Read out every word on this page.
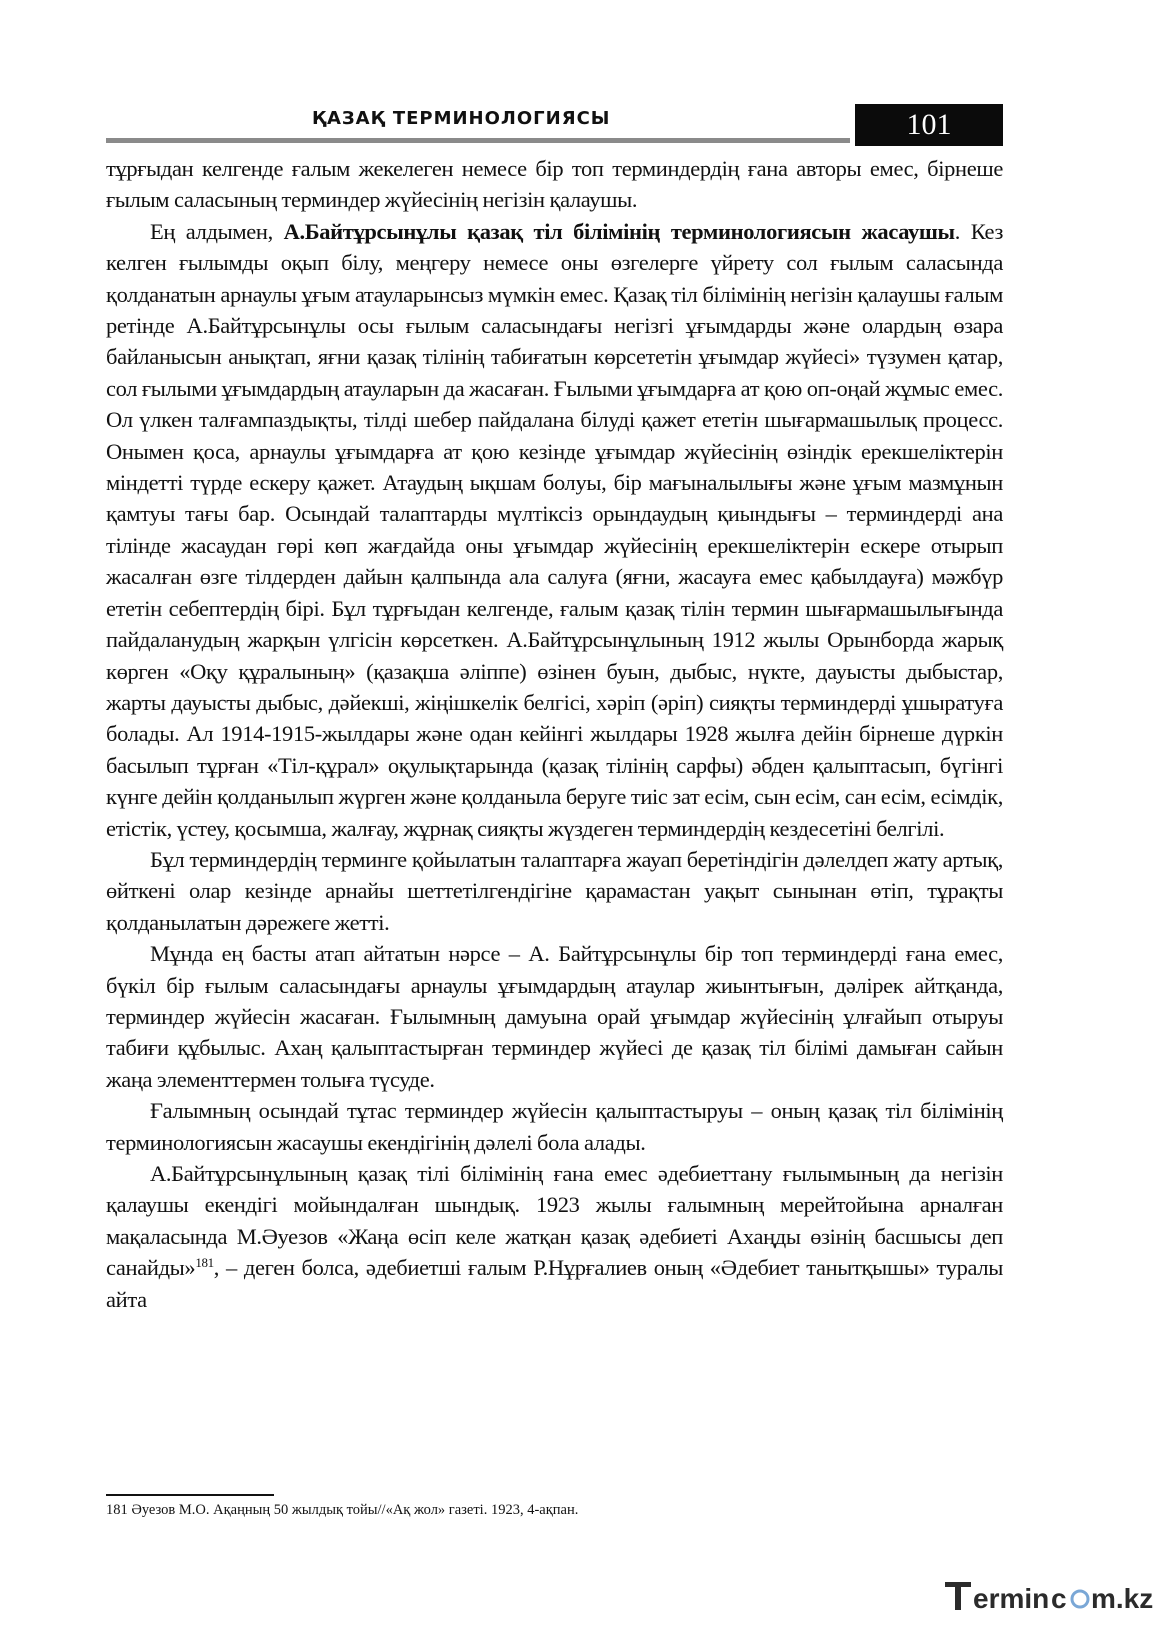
ҚАЗАҚ ТЕРМИНОЛОГИЯСЫ	101

тұрғыдан келгенде ғалым жекелеген немесе бір топ терминдердің ғана авторы емес, бірнеше ғылым саласының терминдер жүйесінің негізін қалаушы.

Ең алдымен, А.Байтұрсынұлы қазақ тіл білімінің терминологиясын жасаушы. Кез келген ғылымды оқып білу, меңгеру немесе оны өзгелерге үйрету сол ғылым саласында қолданатын арнаулы ұғым атауларынсыз мүмкін емес. Қазақ тіл білімінің негізін қалаушы ғалым ретінде А.Байтұрсынұлы осы ғылым саласындағы негізгі ұғымдарды және олардың өзара байланысын анықтап, яғни қазақ тілінің табиғатын көрсететін ұғымдар жүйесі» түзумен қатар, сол ғылыми ұғымдардың атауларын да жасаған. Ғылыми ұғымдарға ат қою оп-оңай жұмыс емес. Ол үлкен талғампаздықты, тілді шебер пайдалана білуді қажет ететін шығармашылық процесс. Онымен қоса, арнаулы ұғымдарға ат қою кезінде ұғымдар жүйесінің өзіндік ерекшеліктерін міндетті түрде ескеру қажет. Атаудың ықшам болуы, бір мағыналылығы және ұғым мазмұнын қамтуы тағы бар. Осындай талаптарды мүлтіксіз орындаудың қиындығы – терминдерді ана тілінде жасаудан гөрі көп жағдайда оны ұғымдар жүйесінің ерекшеліктерін ескере отырып жасалған өзге тілдерден дайын қалпында ала салуға (яғни, жасауға емес қабылдауға) мәжбүр ететін себептердің бірі. Бұл тұрғыдан келгенде, ғалым қазақ тілін термин шығармашылығында пайдаланудың жарқын үлгісін көрсеткен. А.Байтұрсынұлының 1912 жылы Орынборда жарық көрген «Оқу құралының» (қазақша әліппе) өзінен буын, дыбыс, нүкте, дауысты дыбыстар, жарты дауысты дыбыс, дәйекші, жіңішкелік белгісі, хәріп (әріп) сияқты терминдерді ұшыратуға болады. Ал 1914-1915-жылдары және одан кейінгі жылдары 1928 жылға дейін бірнеше дүркін басылып тұрған «Тіл-құрал» оқулықтарында (қазақ тілінің сарфы) әбден қалыптасып, бүгінгі күнге дейін қолданылып жүрген және қолданыла беруге тиіс зат есім, сын есім, сан есім, есімдік, етістік, үстеу, қосымша, жалғау, жұрнақ сияқты жүздеген терминдердің кездесетіні белгілі.

Бұл терминдердің терминге қойылатын талаптарға жауап беретіндігін дәлелдеп жату артық, өйткені олар кезінде арнайы шеттетілгендігіне қарамастан уақыт сынынан өтіп, тұрақты қолданылатын дәрежеге жетті.

Мұнда ең басты атап айтатын нәрсе – А. Байтұрсынұлы бір топ терминдерді ғана емес, бүкіл бір ғылым саласындағы арнаулы ұғымдардың атаулар жиынтығын, дәлірек айтқанда, терминдер жүйесін жасаған. Ғылымның дамуына орай ұғымдар жүйесінің ұлғайып отыруы табиғи құбылыс. Ахаң қалыптастырған терминдер жүйесі де қазақ тіл білімі дамыған сайын жаңа элементтермен толыға түсуде.

Ғалымның осындай тұтас терминдер жүйесін қалыптастыруы – оның қазақ тіл білімінің терминологиясын жасаушы екендігінің дәлелі бола алады.

А.Байтұрсынұлының қазақ тілі білімінің ғана емес әдебиеттану ғылымының да негізін қалаушы екендігі мойындалған шындық. 1923 жылы ғалымның мерейтойына арналған мақаласында М.Әуезов «Жаңа өсіп келе жатқан қазақ әдебиеті Ахаңды өзінің басшысы деп санайды»$^{181}$, – деген болса, әдебиетші ғалым Р.Нұрғалиев оның «Әдебиет танытқышы» туралы айта

181 Әуезов М.О. Ақаңның 50 жылдық тойы//«Ақ жол» газеті. 1923, 4-ақпан.
ermin c m.kz
